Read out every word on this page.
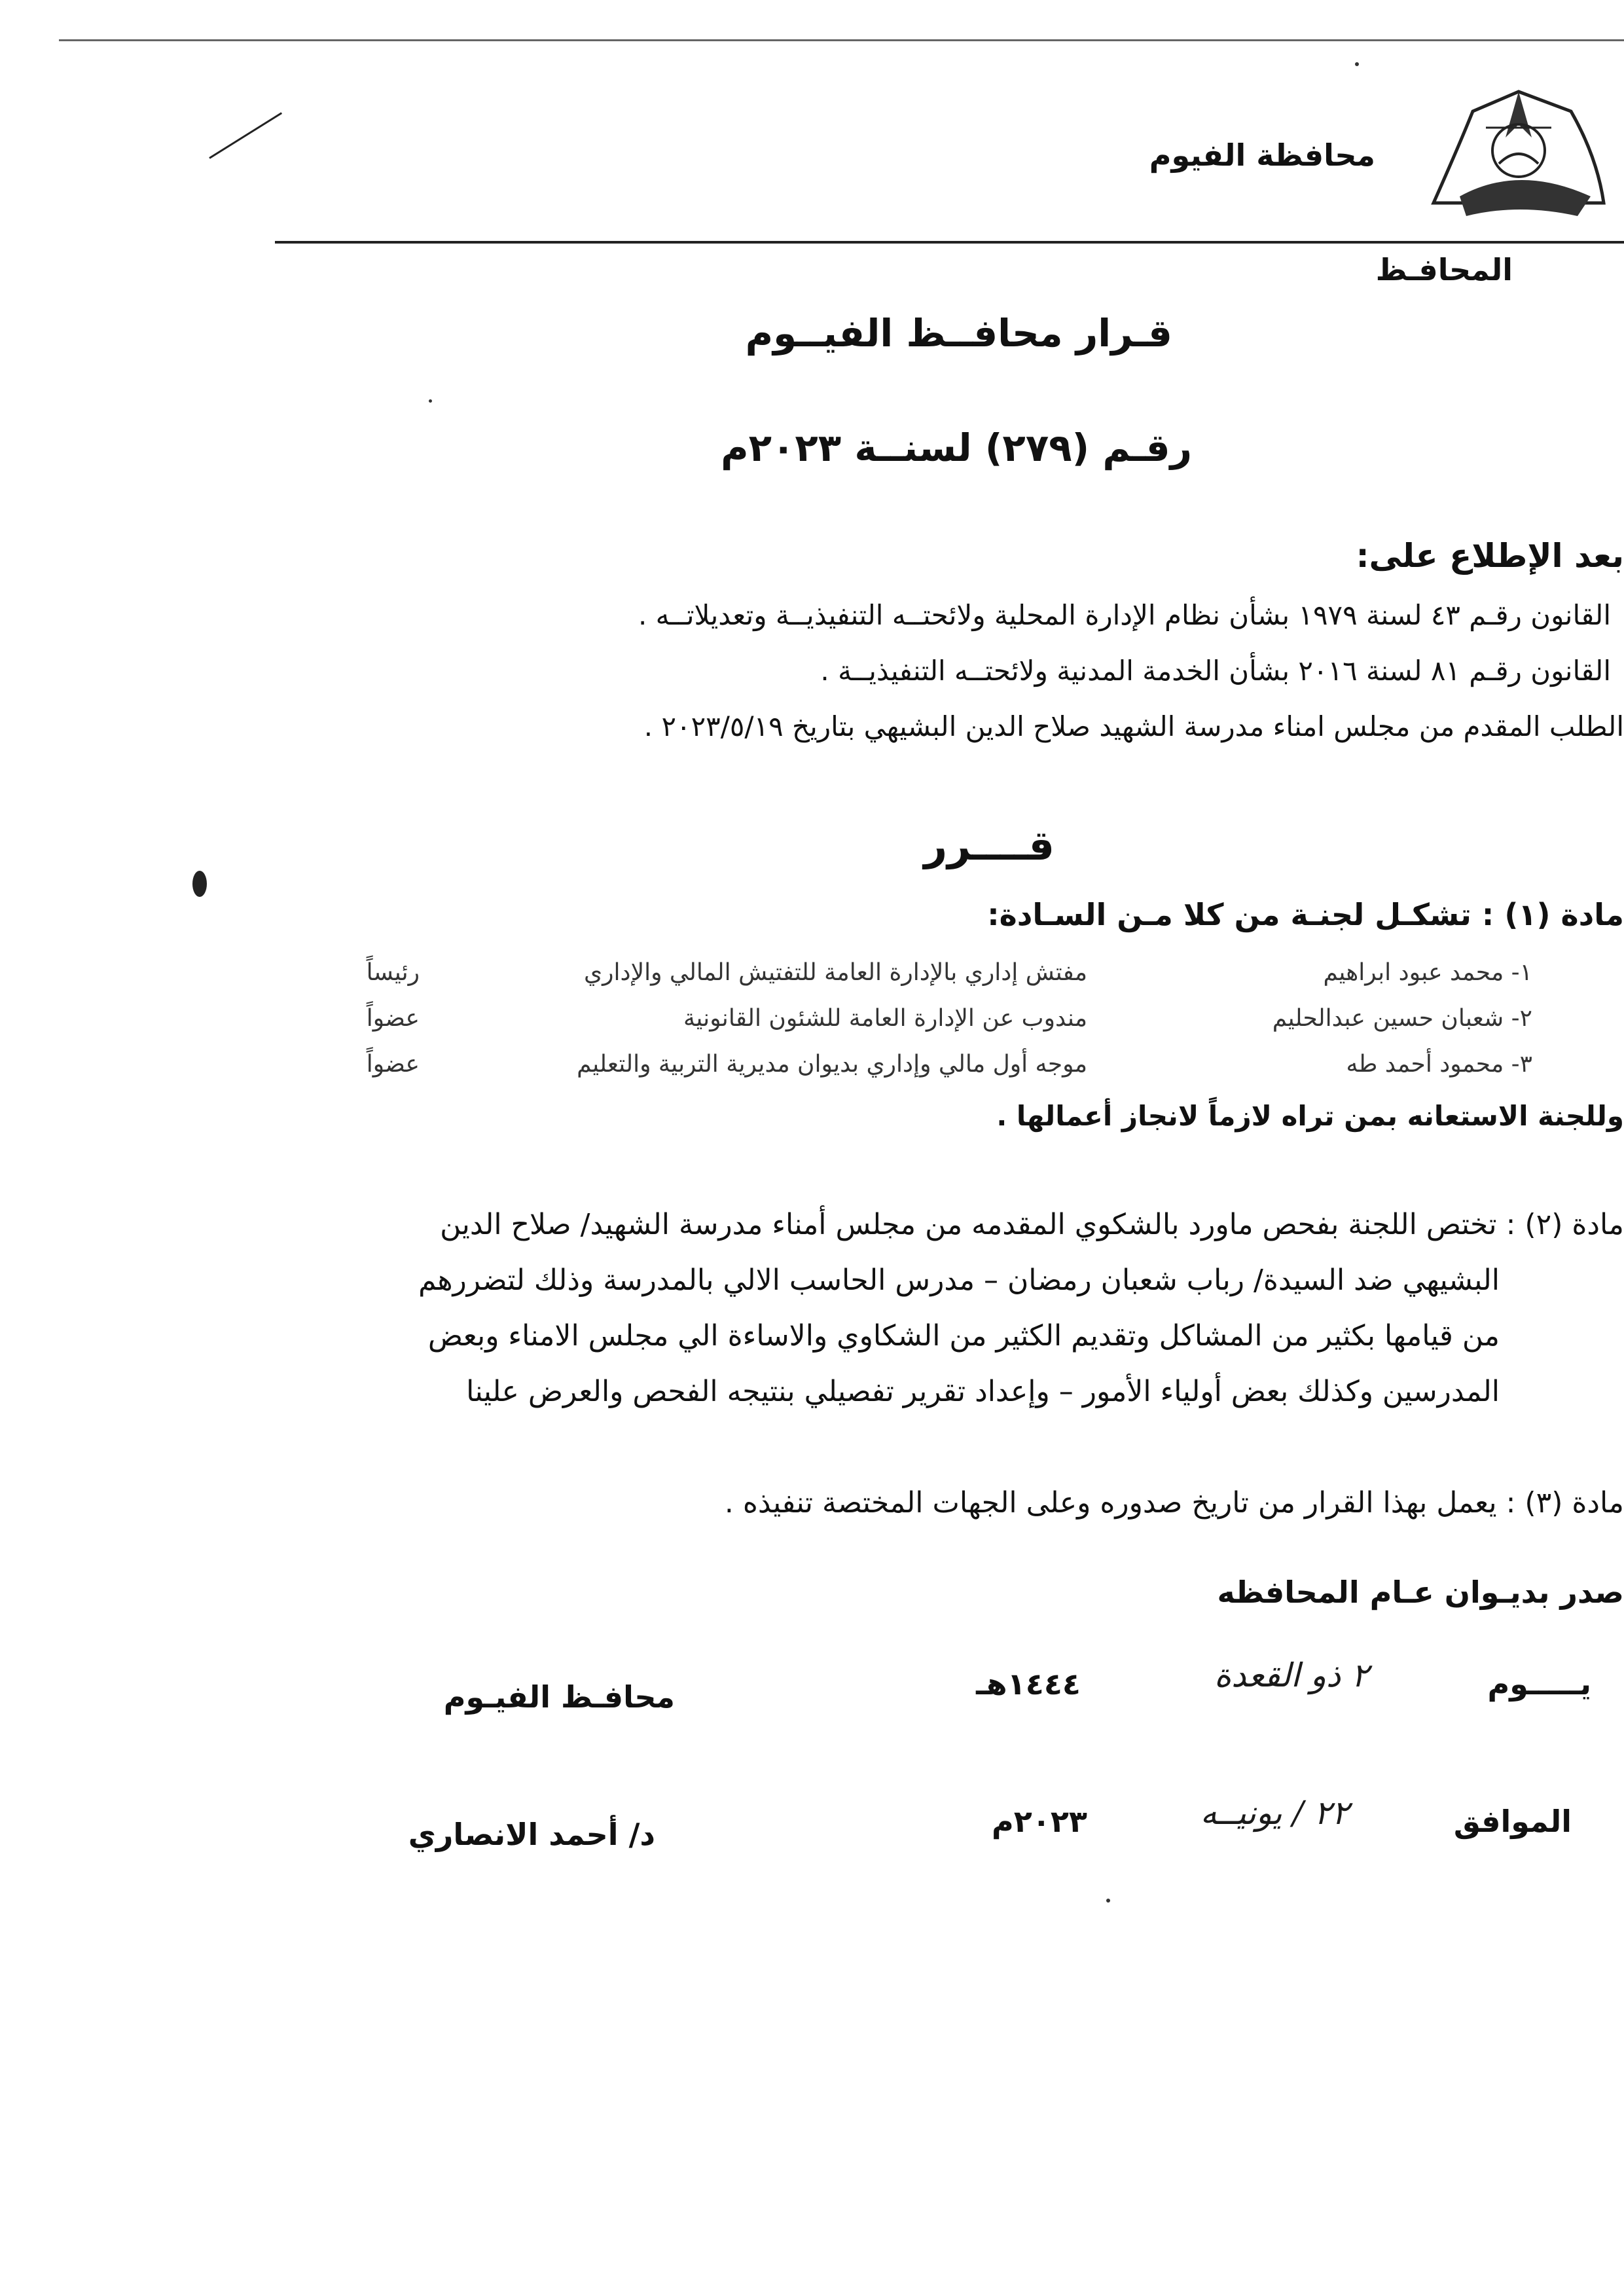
محافظة الفيوم
المحافـظ
قـرار محافــظ الفيــوم
رقـم (٢٧٩) لسنــة ٢٠٢٣م
بعد الإطلاع على:
القانون رقـم ٤٣ لسنة ١٩٧٩ بشأن نظام الإدارة المحلية ولائحتــه التنفيذيــة وتعديلاتــه .
القانون رقـم ٨١ لسنة ٢٠١٦ بشأن الخدمة المدنية ولائحتــه التنفيذيــة .
الطلب المقدم من مجلس امناء مدرسة الشهيد صلاح الدين البشيهي بتاريخ ٢٠٢٣/٥/١٩ .
قــــرر
مادة (١) : تشكـل لجنـة من كلا مـن السـادة:
١- محمد عبود ابراهيم
مفتش إداري بالإدارة العامة للتفتيش المالي والإداري
رئيساً
٢- شعبان حسين عبدالحليم
مندوب عن الإدارة العامة للشئون القانونية
عضواً
٣- محمود أحمد طه
موجه أول مالي وإداري بديوان مديرية التربية والتعليم
عضواً
وللجنة الاستعانه بمن تراه لازماً لانجاز أعمالها .
مادة (٢) : تختص اللجنة بفحص ماورد بالشكوي المقدمه من مجلس أمناء مدرسة الشهيد/ صلاح الدين
البشيهي ضد السيدة/ رباب شعبان رمضان – مدرس الحاسب الالي بالمدرسة وذلك لتضررهم
من قيامها بكثير من المشاكل وتقديم الكثير من الشكاوي والاساءة الي مجلس الامناء وبعض
المدرسين وكذلك بعض أولياء الأمور – وإعداد تقرير تفصيلي بنتيجه الفحص والعرض علينا
مادة (٣) : يعمل بهذا القرار من تاريخ صدوره وعلى الجهات المختصة تنفيذه .
صدر بديـوان عـام المحافظه
يـــــوم
٢ ذو القعدة
١٤٤٤هـ
الموافق
٢٢ / يونيــه
٢٠٢٣م
محافـظ الفيـوم
د/ أحمد الانصاري
